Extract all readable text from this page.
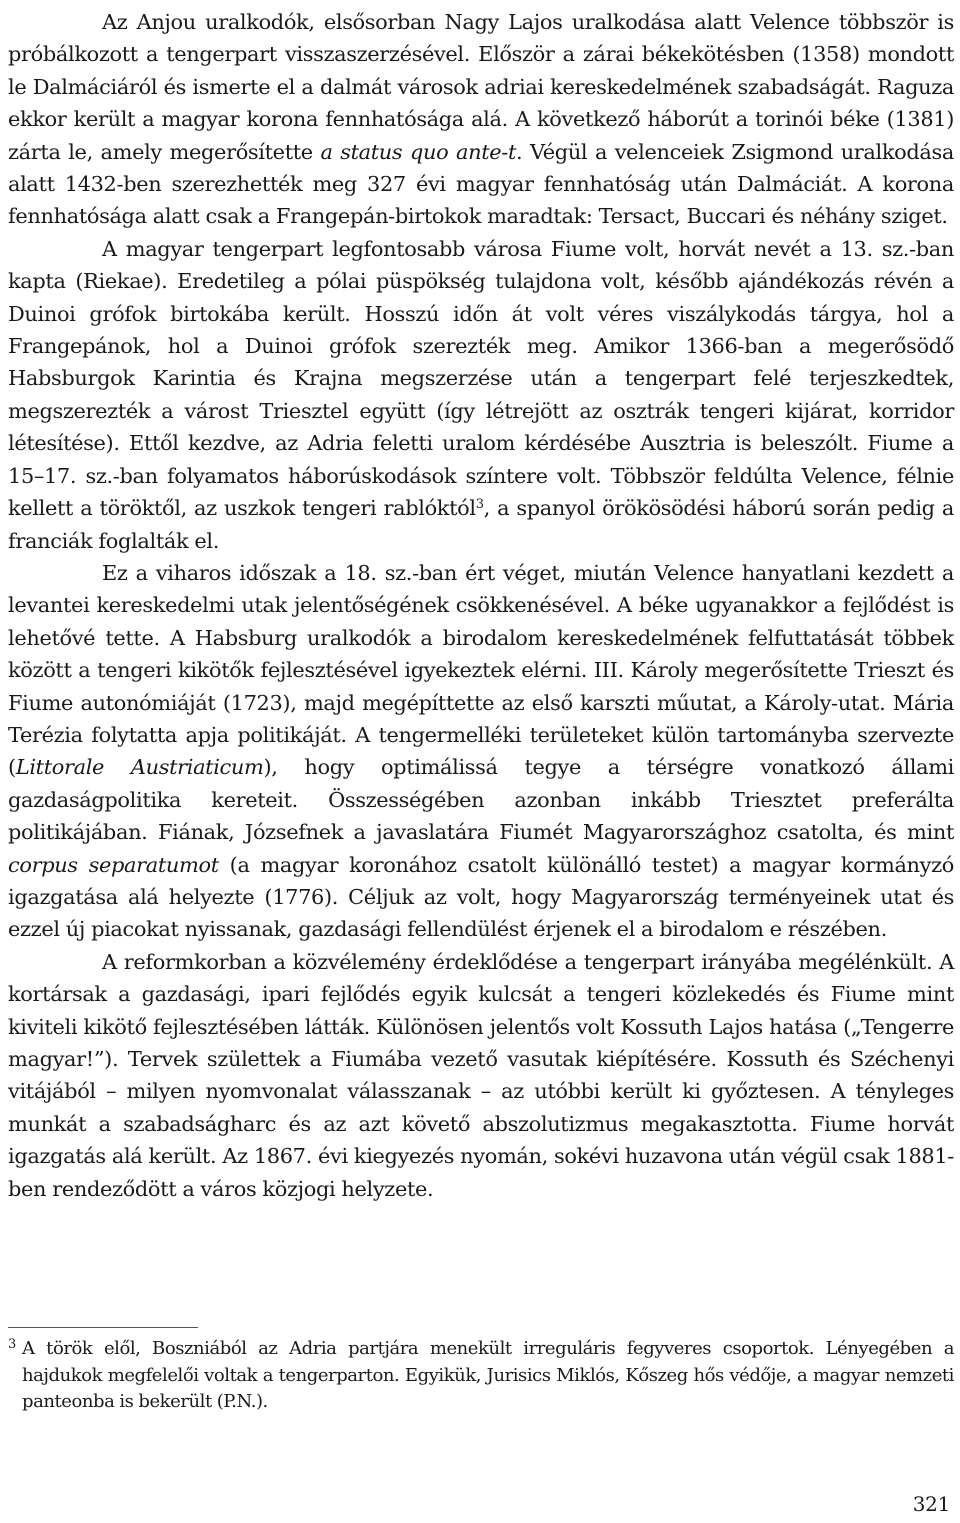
Az Anjou uralkodók, elsősorban Nagy Lajos uralkodása alatt Velence többször is próbálkozott a tengerpart visszaszerzésével. Először a zárai békekötésben (1358) mondott le Dalmáciáról és ismerte el a dalmát városok adriai kereskedelmének szabadságát. Raguza ekkor került a magyar korona fennhatósága alá. A következő háborút a torinói béke (1381) zárta le, amely megerősítette a status quo ante-t. Végül a velenceiek Zsigmond uralkodása alatt 1432-ben szerezhették meg 327 évi magyar fennhatóság után Dalmáciát. A korona fennhatósága alatt csak a Frangepán-birtokok maradtak: Tersact, Buccari és néhány sziget.

A magyar tengerpart legfontosabb városa Fiume volt, horvát nevét a 13. sz.-ban kapta (Riekae). Eredetileg a pólai püspökség tulajdona volt, később ajándékozás révén a Duinoi grófok birtokába került. Hosszú időn át volt véres viszálykodás tárgya, hol a Frangepánok, hol a Duinoi grófok szerezték meg. Amikor 1366-ban a megerősödő Habsburgok Karintia és Krajna megszerzése után a tengerpart felé terjeszkedtek, megszerezték a várost Triesztel együtt (így létrejött az osztrák tengeri kijárat, korridor létesítése). Ettől kezdve, az Adria feletti uralom kérdésébe Ausztria is beleszólt. Fiume a 15–17. sz.-ban folyamatos háborúskodások színtere volt. Többször feldúlta Velence, félnie kellett a töröktől, az uszkok tengeri rablóktól$^3$, a spanyol örökösödési háború során pedig a franciák foglalták el.

Ez a viharos időszak a 18. sz.-ban ért véget, miután Velence hanyatlani kezdett a levantei kereskedelmi utak jelentőségének csökkenésével. A béke ugyanakkor a fejlődést is lehetővé tette. A Habsburg uralkodók a birodalom kereskedelmének felfuttatását többek között a tengeri kikötők fejlesztésével igyekeztek elérni. III. Károly megerősítette Trieszt és Fiume autonómiáját (1723), majd megépíttette az első karszti műutat, a Károly-utat. Mária Terézia folytatta apja politikáját. A tengermelléki területeket külön tartományba szervezte (Littorale Austriaticum), hogy optimálissá tegye a térségre vonatkozó állami gazdaságpolitika kereteit. Összességében azonban inkább Triesztet preferálta politikájában. Fiának, Józsefnek a javaslatára Fiumét Magyarországhoz csatolta, és mint corpus separatumot (a magyar koronához csatolt különálló testet) a magyar kormányzó igazgatása alá helyezte (1776). Céljuk az volt, hogy Magyarország terményeinek utat és ezzel új piacokat nyissanak, gazdasági fellendülést érjenek el a birodalom e részében.

A reformkorban a közvélemény érdeklődése a tengerpart irányába megélénkült. A kortársak a gazdasági, ipari fejlődés egyik kulcsát a tengeri közlekedés és Fiume mint kiviteli kikötő fejlesztésében látták. Különösen jelentős volt Kossuth Lajos hatása („Tengerre magyar!”). Tervek születtek a Fiumába vezető vasutak kiépítésére. Kossuth és Széchenyi vitájából – milyen nyomvonalat válasszanak – az utóbbi került ki győztesen. A tényleges munkát a szabadságharc és az azt követő abszolutizmus megakasztotta. Fiume horvát igazgatás alá került. Az 1867. évi kiegyezés nyomán, sokévi huzavona után végül csak 1881-ben rendeződött a város közjogi helyzete.

3 A török elől, Boszniából az Adria partjára menekült irreguláris fegyveres csoportok. Lényegében a hajdukok megfelelői voltak a tengerparton. Egyikük, Jurisics Miklós, Kőszeg hős védője, a magyar nemzeti panteonba is bekerült (P.N.).
321
